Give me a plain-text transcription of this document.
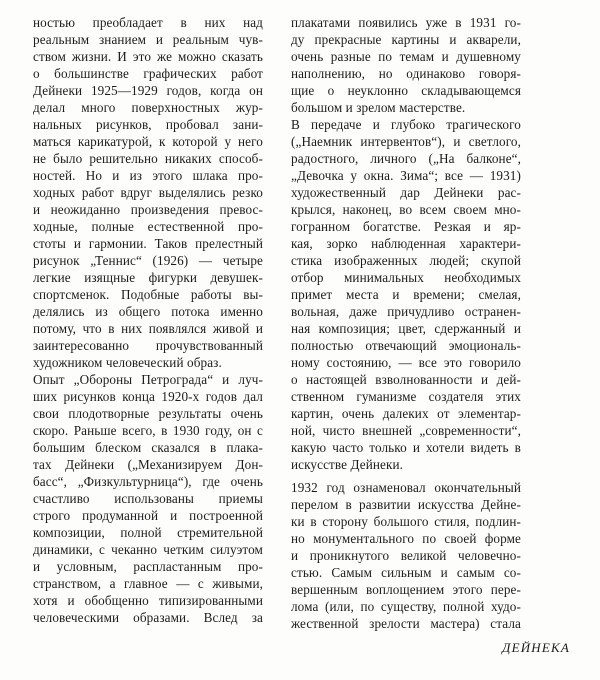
ностью преобладает в них над
реальным знанием и реальным чув-
ством жизни. И это же можно сказать
о большинстве графических работ
Дейнеки 1925—1929 годов, когда он
делал много поверхностных жур-
нальных рисунков, пробовал зани-
маться карикатурой, к которой у него
не было решительно никаких способ-
ностей. Но и из этого шлака про-
ходных работ вдруг выделялись резко
и неожиданно произведения превос-
ходные, полные естественной про-
стоты и гармонии. Таков прелестный
рисунок „Теннис“ (1926) — четыре
легкие изящные фигурки девушек-
спортсменок. Подобные работы вы-
делялись из общего потока именно
потому, что в них появлялся живой и
заинтересованно прочувствованный
художником человеческий образ.
Опыт „Обороны Петрограда“ и луч-
ших рисунков конца 1920-х годов дал
свои плодотворные результаты очень
скоро. Раньше всего, в 1930 году, он с
большим блеском сказался в плака-
тах Дейнеки („Механизируем Дон-
басс“, „Физкультурница“), где очень
счастливо использованы приемы
строго продуманной и построенной
композиции, полной стремительной
динамики, с чеканно четким силуэтом
и условным, распластанным про-
странством, а главное — с живыми,
хотя и обобщенно типизированными
человеческими образами. Вслед за
плакатами появились уже в 1931 го-
ду прекрасные картины и акварели,
очень разные по темам и душевному
наполнению, но одинаково говоря-
щие о неуклонно складывающемся
большом и зрелом мастерстве.
В передаче и глубоко трагического
(„Наемник интервентов“), и светлого,
радостного, личного („На балконе“,
„Девочка у окна. Зима“; все — 1931)
художественный дар Дейнеки рас-
крылся, наконец, во всем своем мно-
гогранном богатстве. Резкая и яр-
кая, зорко наблюденная характери-
стика изображенных людей; скупой
отбор минимальных необходимых
примет места и времени; смелая,
вольная, даже причудливо остранен-
ная композиция; цвет, сдержанный и
полностью отвечающий эмоциональ-
ному состоянию, — все это говорило
о настоящей взволнованности и дей-
ственном гуманизме создателя этих
картин, очень далеких от элементар-
ной, чисто внешней „современности“,
какую часто только и хотели видеть в
искусстве Дейнеки.
1932 год ознаменовал окончательный
перелом в развитии искусства Дейне-
ки в сторону большого стиля, подлин-
но монументального по своей форме
и проникнутого великой человечно-
стью. Самым сильным и самым со-
вершенным воплощением этого пере-
лома (или, по существу, полной худо-
жественной зрелости мастера) стала
ДЕЙНЕКА
